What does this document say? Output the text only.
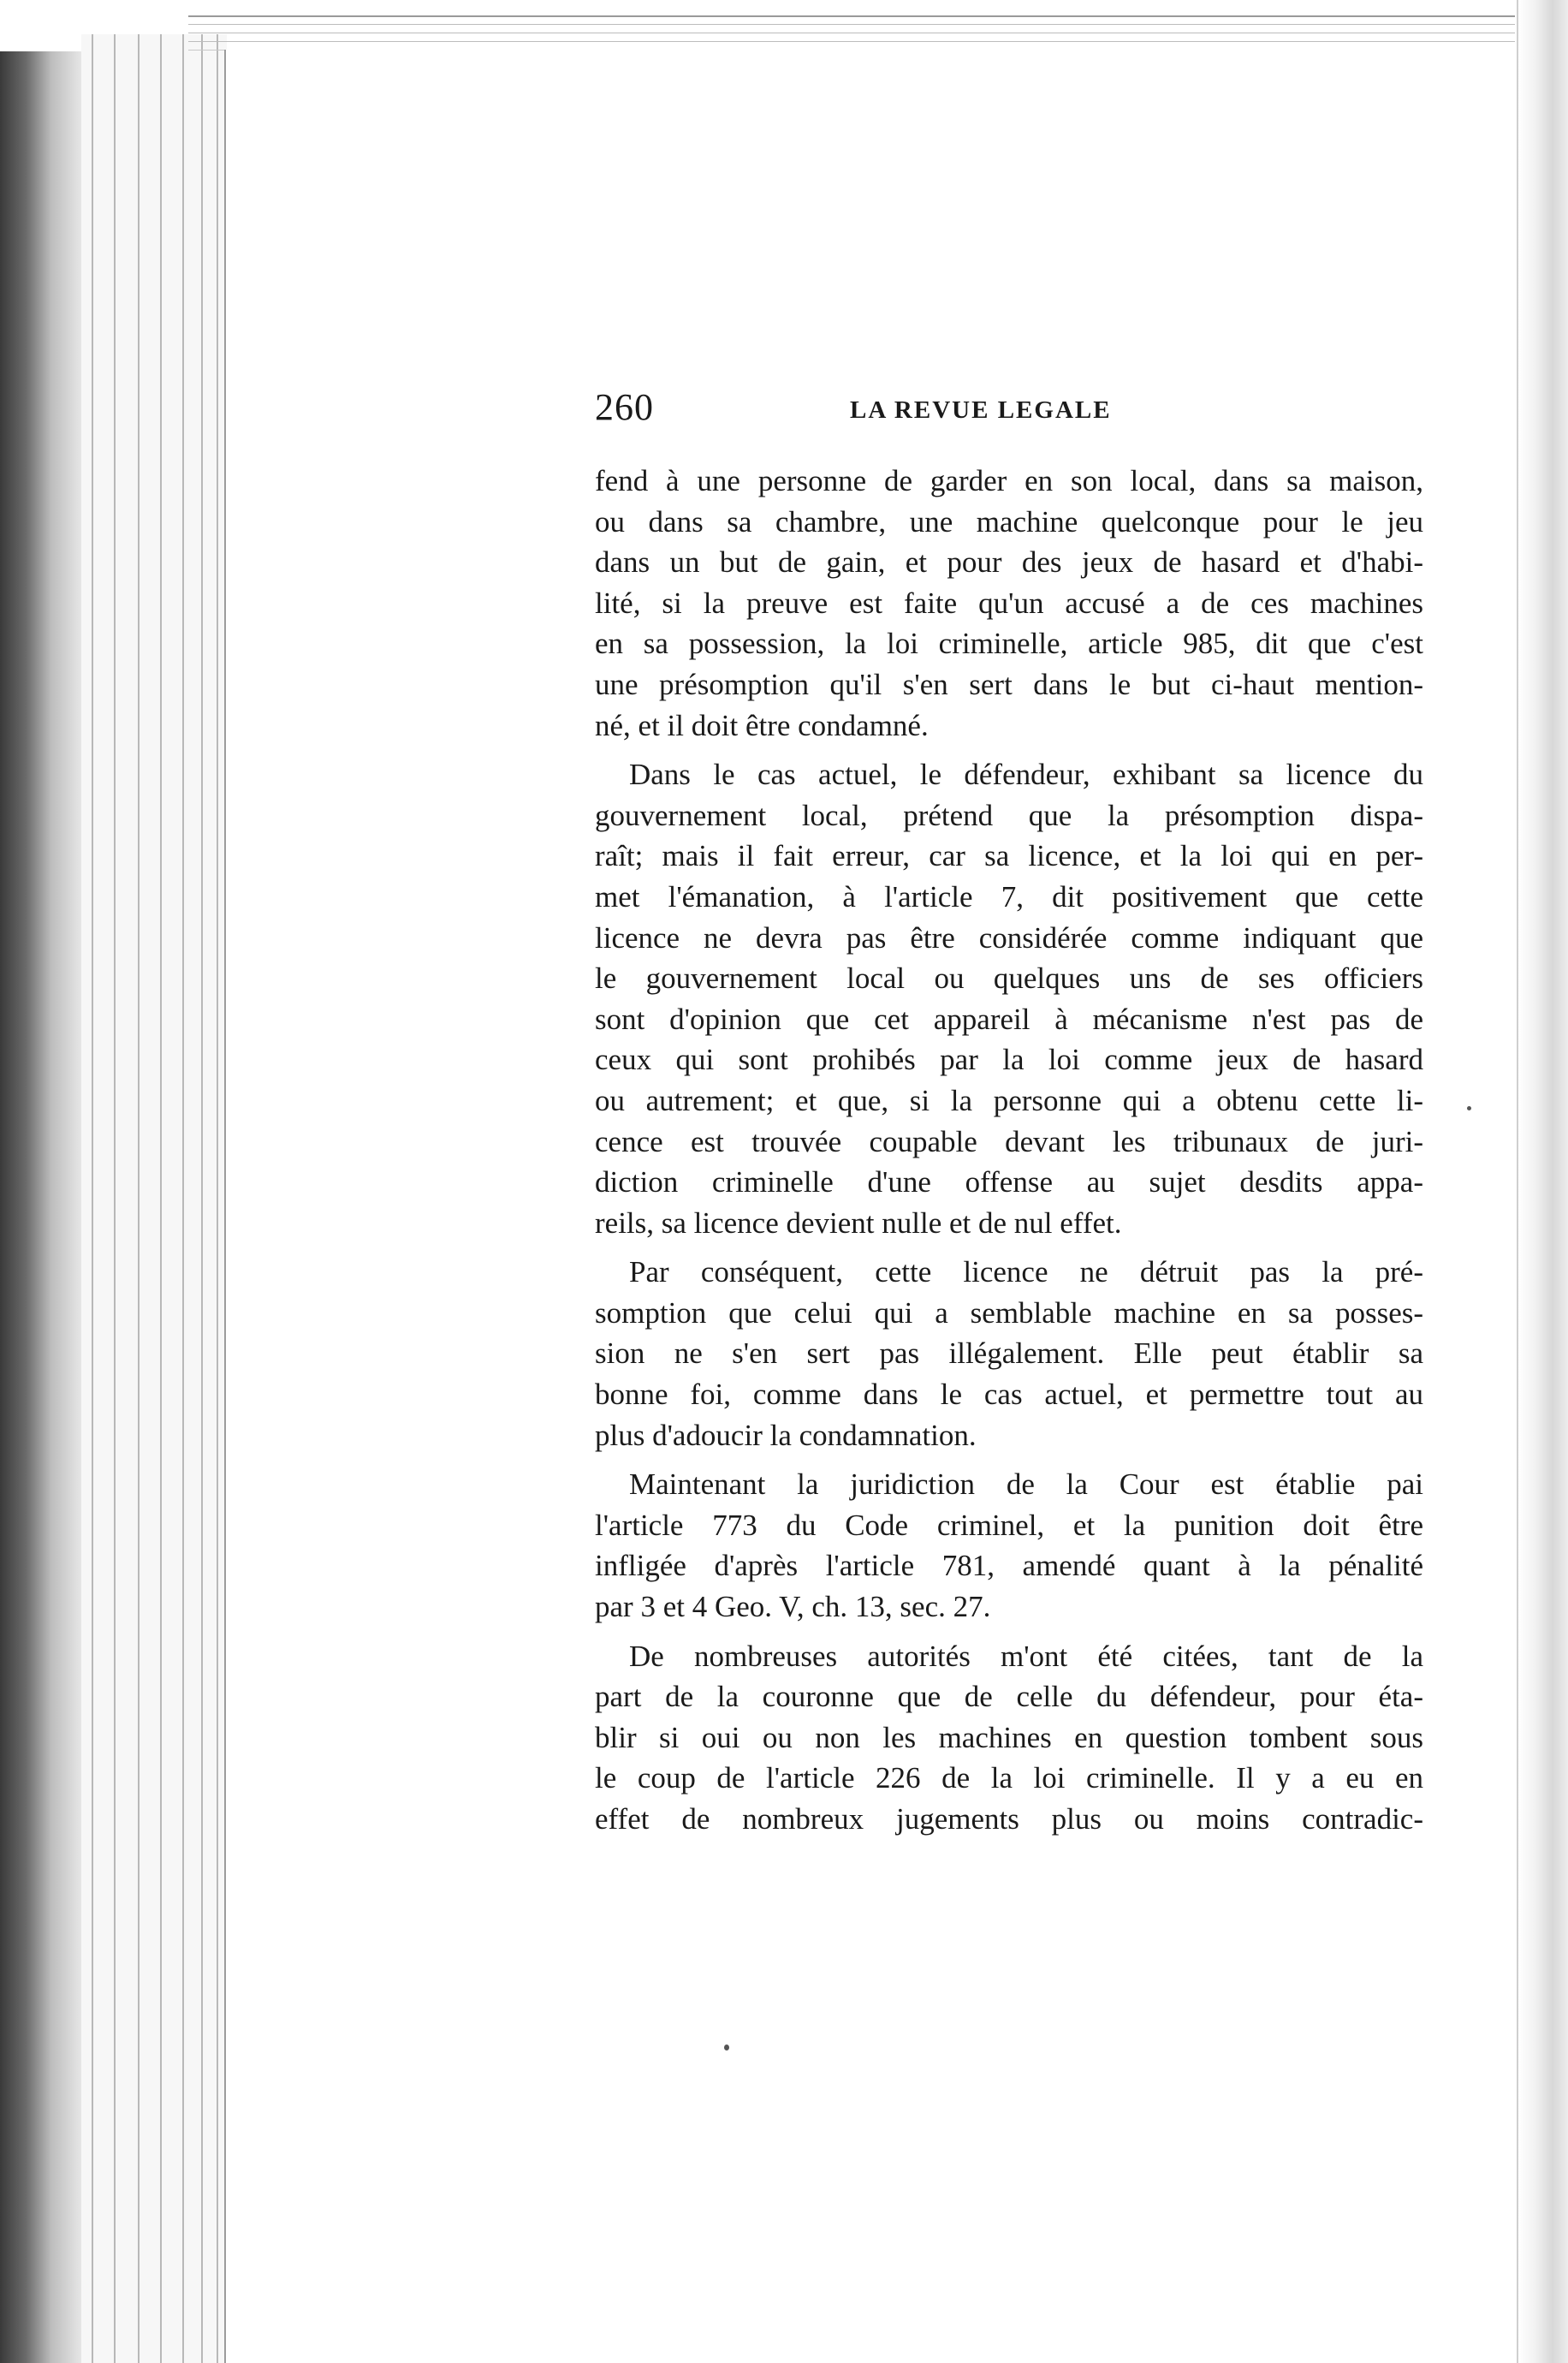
260	LA REVUE LEGALE
fend à une personne de garder en son local, dans sa maison,
ou dans sa chambre, une machine quelconque pour le jeu
dans un but de gain, et pour des jeux de hasard et d'habi-
lité, si la preuve est faite qu'un accusé a de ces machines
en sa possession, la loi criminelle, article 985, dit que c'est
une présomption qu'il s'en sert dans le but ci-haut mention-
né, et il doit être condamné.
Dans le cas actuel, le défendeur, exhibant sa licence du
gouvernement local, prétend que la présomption dispa-
raît; mais il fait erreur, car sa licence, et la loi qui en per-
met l'émanation, à l'article 7, dit positivement que cette
licence ne devra pas être considérée comme indiquant que
le gouvernement local ou quelques uns de ses officiers
sont d'opinion que cet appareil à mécanisme n'est pas de
ceux qui sont prohibés par la loi comme jeux de hasard
ou autrement; et que, si la personne qui a obtenu cette li-
cence est trouvée coupable devant les tribunaux de juri-
diction criminelle d'une offense au sujet desdits appa-
reils, sa licence devient nulle et de nul effet.
Par conséquent, cette licence ne détruit pas la pré-
somption que celui qui a semblable machine en sa posses-
sion ne s'en sert pas illégalement. Elle peut établir sa
bonne foi, comme dans le cas actuel, et permettre tout au
plus d'adoucir la condamnation.
Maintenant la juridiction de la Cour est établie pai
l'article 773 du Code criminel, et la punition doit être
infligée d'après l'article 781, amendé quant à la pénalité
par 3 et 4 Geo. V, ch. 13, sec. 27.
De nombreuses autorités m'ont été citées, tant de la
part de la couronne que de celle du défendeur, pour éta-
blir si oui ou non les machines en question tombent sous
le coup de l'article 226 de la loi criminelle. Il y a eu en
effet de nombreux jugements plus ou moins contradic-
